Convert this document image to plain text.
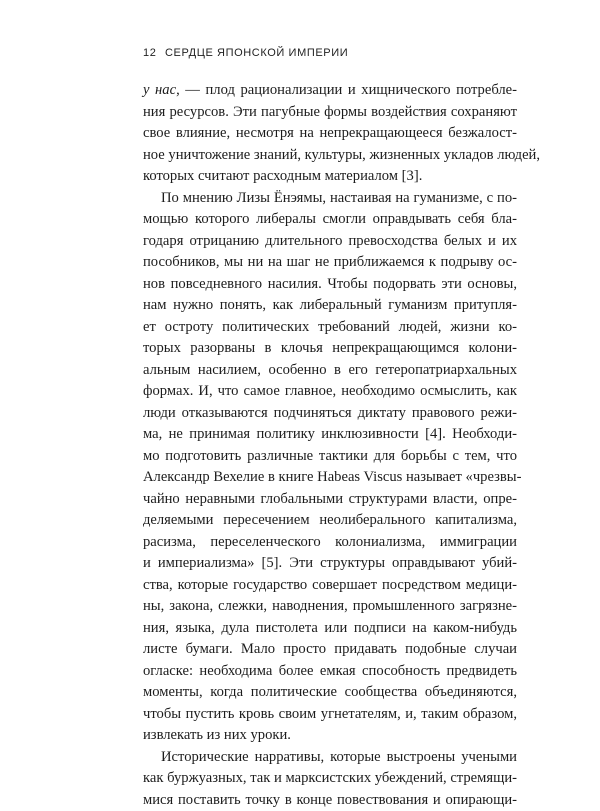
12 СЕРДЦЕ ЯПОНСКОЙ ИМПЕРИИ
у нас, — плод рационализации и хищнического потребле-
ния ресурсов. Эти пагубные формы воздействия сохраняют
свое влияние, несмотря на непрекращающееся безжалост-
ное уничтожение знаний, культуры, жизненных укладов людей,
которых считают расходным материалом [3].
По мнению Лизы Ёнэямы, настаивая на гуманизме, с по-
мощью которого либералы смогли оправдывать себя бла-
годаря отрицанию длительного превосходства белых и их
пособников, мы ни на шаг не приближаемся к подрыву ос-
нов повседневного насилия. Чтобы подорвать эти основы,
нам нужно понять, как либеральный гуманизм притупля-
ет остроту политических требований людей, жизни ко-
торых разорваны в клочья непрекращающимся колони-
альным насилием, особенно в его гетеропатриархальных
формах. И, что самое главное, необходимо осмыслить, как
люди отказываются подчиняться диктату правового режи-
ма, не принимая политику инклюзивности [4]. Необходи-
мо подготовить различные тактики для борьбы с тем, что
Александр Вехелие в книге Habeas Viscus называет «чрезвы-
чайно неравными глобальными структурами власти, опре-
деляемыми пересечением неолиберального капитализма,
расизма, переселенческого колониализма, иммиграции
и империализма» [5]. Эти структуры оправдывают убий-
ства, которые государство совершает посредством медици-
ны, закона, слежки, наводнения, промышленного загрязне-
ния, языка, дула пистолета или подписи на каком-нибудь
листе бумаги. Мало просто придавать подобные случаи
огласке: необходима более емкая способность предвидеть
моменты, когда политические сообщества объединяются,
чтобы пустить кровь своим угнетателям, и, таким образом,
извлекать из них уроки.
Исторические нарративы, которые выстроены учеными
как буржуазных, так и марксистских убеждений, стремящи-
мися поставить точку в конце повествования и опирающи-
